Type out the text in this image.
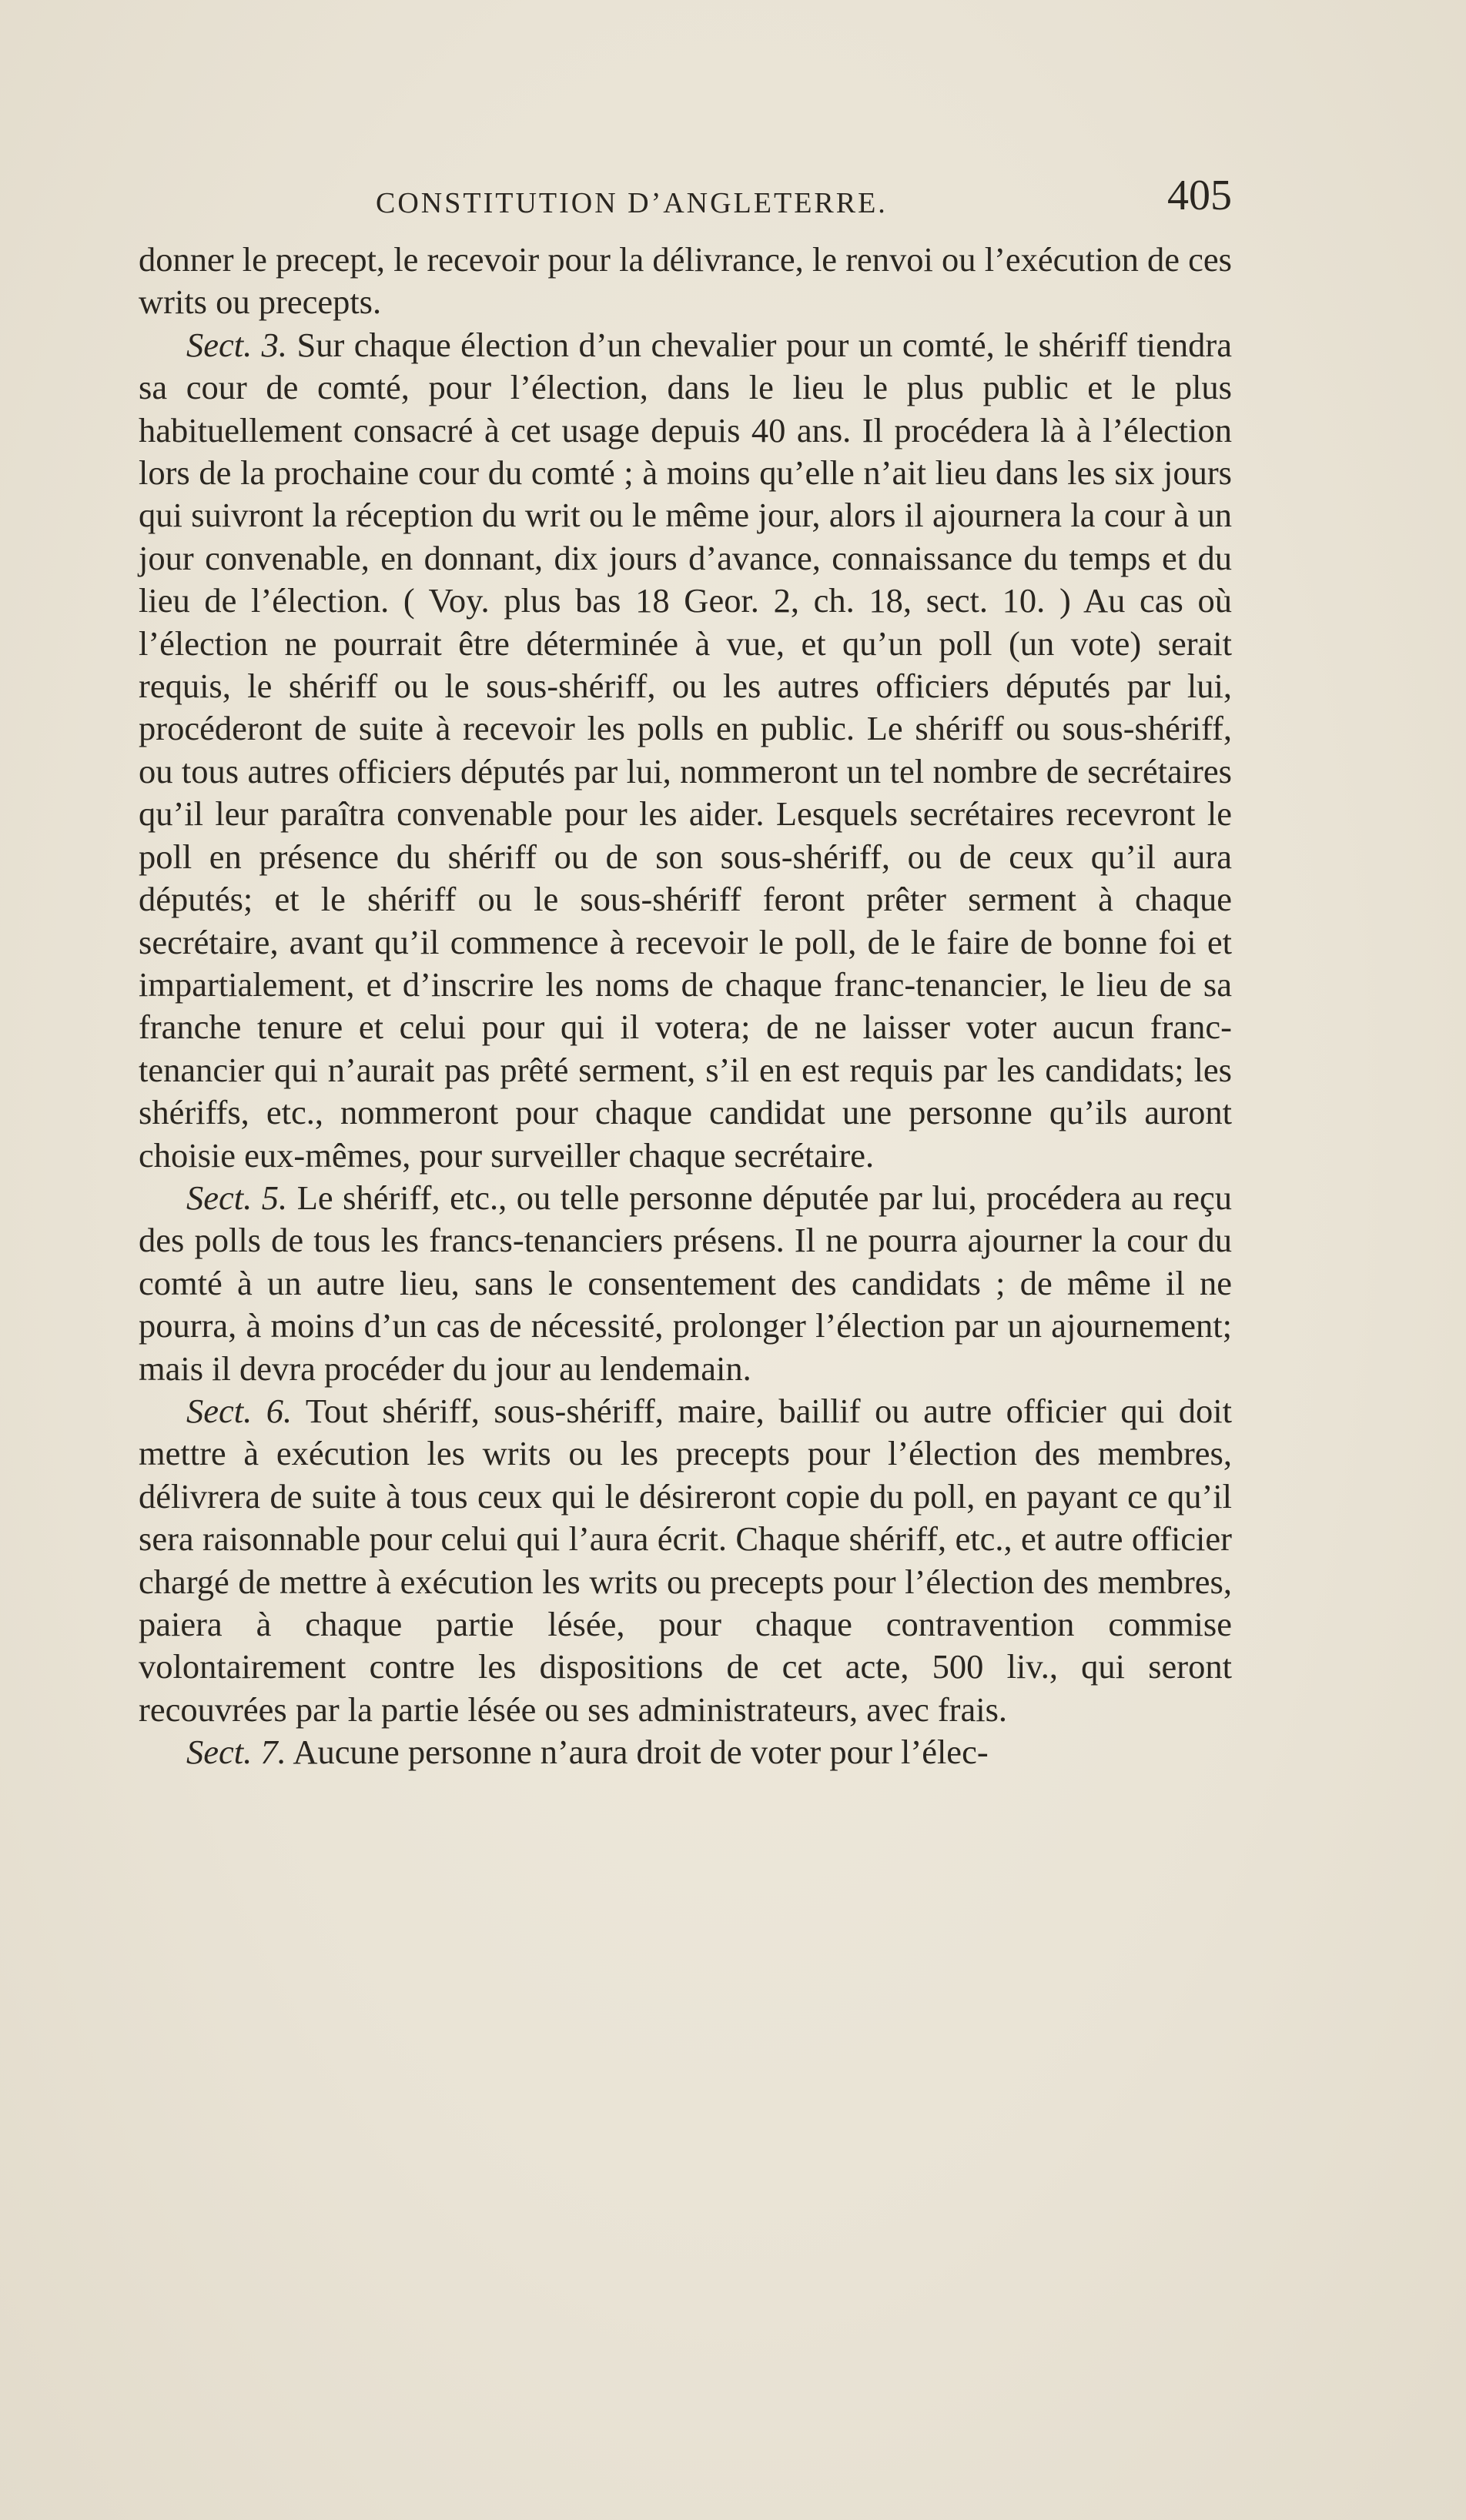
CONSTITUTION D’ANGLETERRE.	405

donner le precept, le recevoir pour la délivrance, le renvoi ou l’exécution de ces writs ou precepts.

Sect. 3. Sur chaque élection d’un chevalier pour un comté, le shériff tiendra sa cour de comté, pour l’élection, dans le lieu le plus public et le plus habituellement consacré à cet usage depuis 40 ans. Il procédera là à l’élection lors de la prochaine cour du comté ; à moins qu’elle n’ait lieu dans les six jours qui suivront la réception du writ ou le même jour, alors il ajournera la cour à un jour convenable, en donnant, dix jours d’avance, connaissance du temps et du lieu de l’élection. ( Voy. plus bas 18 Geor. 2, ch. 18, sect. 10. ) Au cas où l’élection ne pourrait être déterminée à vue, et qu’un poll (un vote) serait requis, le shériff ou le sous-shériff, ou les autres officiers députés par lui, procéderont de suite à recevoir les polls en public. Le shériff ou sous-shériff, ou tous autres officiers députés par lui, nommeront un tel nombre de secrétaires qu’il leur paraîtra convenable pour les aider. Lesquels secrétaires recevront le poll en présence du shériff ou de son sous-shériff, ou de ceux qu’il aura députés; et le shériff ou le sous-shériff feront prêter serment à chaque secrétaire, avant qu’il commence à recevoir le poll, de le faire de bonne foi et impartialement, et d’inscrire les noms de chaque franc-tenancier, le lieu de sa franche tenure et celui pour qui il votera; de ne laisser voter aucun franc-tenancier qui n’aurait pas prêté serment, s’il en est requis par les candidats; les shériffs, etc., nommeront pour chaque candidat une personne qu’ils auront choisie eux-mêmes, pour surveiller chaque secrétaire.

Sect. 5. Le shériff, etc., ou telle personne députée par lui, procédera au reçu des polls de tous les francs-tenanciers présens. Il ne pourra ajourner la cour du comté à un autre lieu, sans le consentement des candidats ; de même il ne pourra, à moins d’un cas de nécessité, prolonger l’élection par un ajournement; mais il devra procéder du jour au lendemain.

Sect. 6. Tout shériff, sous-shériff, maire, baillif ou autre officier qui doit mettre à exécution les writs ou les precepts pour l’élection des membres, délivrera de suite à tous ceux qui le désireront copie du poll, en payant ce qu’il sera raisonnable pour celui qui l’aura écrit. Chaque shériff, etc., et autre officier chargé de mettre à exécution les writs ou precepts pour l’élection des membres, paiera à chaque partie lésée, pour chaque contravention commise volontairement contre les dispositions de cet acte, 500 liv., qui seront recouvrées par la partie lésée ou ses administrateurs, avec frais.

Sect. 7. Aucune personne n’aura droit de voter pour l’élec-
